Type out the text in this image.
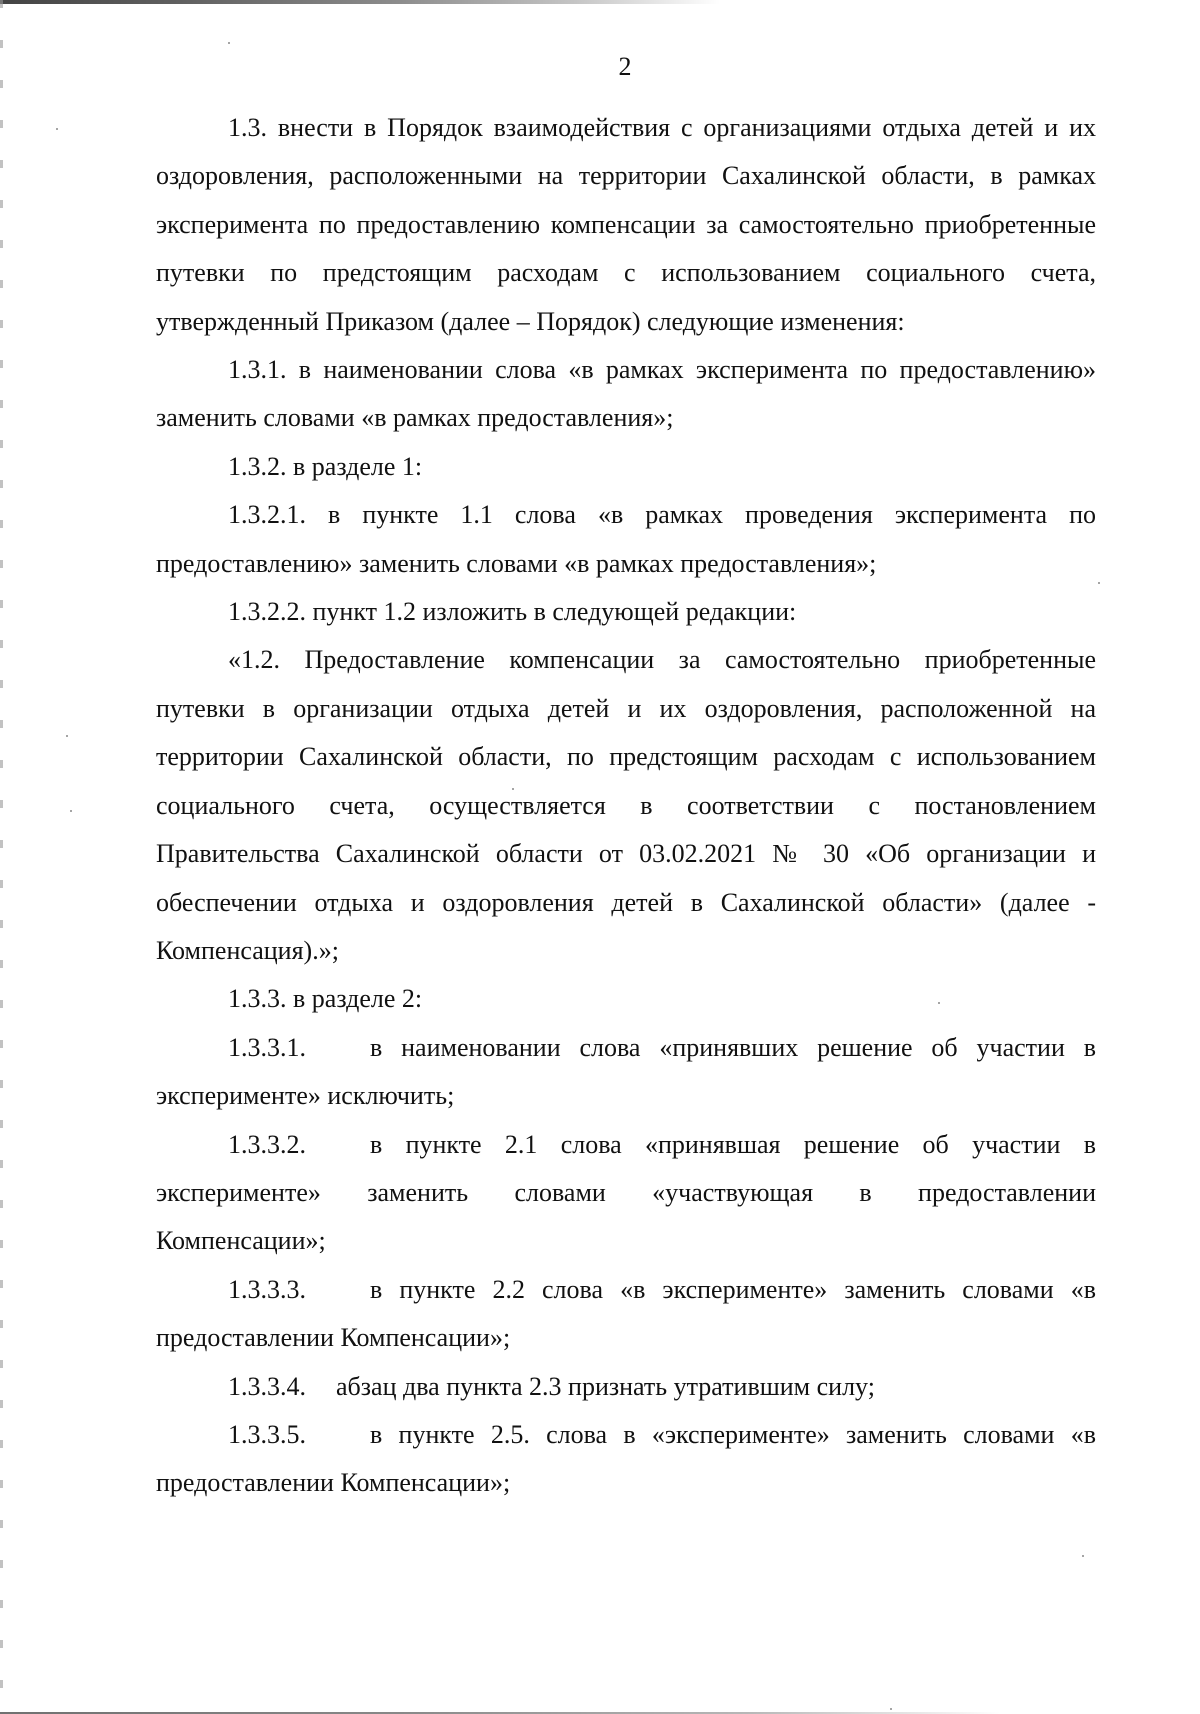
2

1.3. внести в Порядок взаимодействия с организациями отдыха детей и их оздоровления, расположенными на территории Сахалинской области, в рамках эксперимента по предоставлению компенсации за самостоятельно приобретенные путевки по предстоящим расходам с использованием социального счета, утвержденный Приказом (далее – Порядок) следующие изменения:

1.3.1. в наименовании слова «в рамках эксперимента по предоставлению» заменить словами «в рамках предоставления»;

1.3.2. в разделе 1:

1.3.2.1. в пункте 1.1 слова «в рамках проведения эксперимента по предоставлению» заменить словами «в рамках предоставления»;

1.3.2.2. пункт 1.2 изложить в следующей редакции:

«1.2. Предоставление компенсации за самостоятельно приобретенные путевки в организации отдыха детей и их оздоровления, расположенной на территории Сахалинской области, по предстоящим расходам с использованием социального счета, осуществляется в соответствии с постановлением Правительства Сахалинской области от 03.02.2021 № 30 «Об организации и обеспечении отдыха и оздоровления детей в Сахалинской области» (далее - Компенсация).»;

1.3.3. в разделе 2:

1.3.3.1.	в наименовании слова «принявших решение об участии в

эксперименте» исключить;

1.3.3.2.	в пункте 2.1 слова «принявшая решение об участии в

эксперименте» заменить словами «участвующая в предоставлении

Компенсации»;

1.3.3.3.	в пункте 2.2 слова «в эксперименте» заменить словами «в

предоставлении Компенсации»;

1.3.3.4.	абзац два пункта 2.3 признать утратившим силу;
1.3.3.5.	в пункте 2.5. слова в «эксперименте» заменить словами «в

предоставлении Компенсации»;
